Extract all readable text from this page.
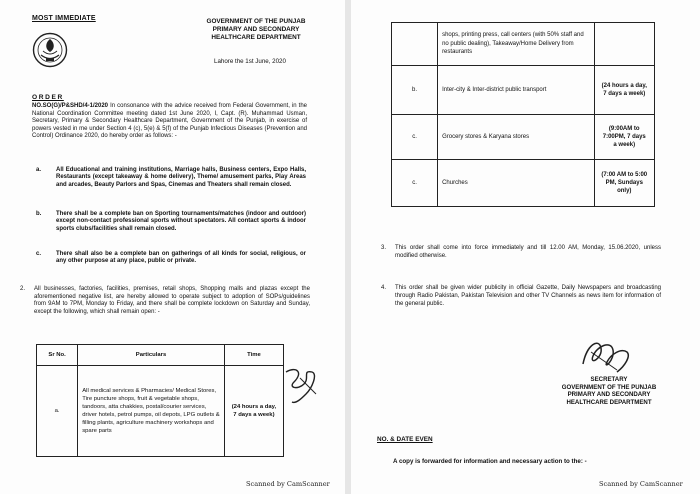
MOST IMMEDIATE	GOVERNMENT OF THE PUNJAB
PRIMARY AND SECONDARY
HEALTHCARE DEPARTMENT
Lahore the 1st June, 2020
ORDER
NO.SO(G)/P&SHD/4-1/2020 In consonance with the advice received from Federal Government, in the National Coordination Committee meeting dated 1st June 2020, I, Capt. (R). Muhammad Usman, Secretary, Primary & Secondary Healthcare Department, Government of the Punjab, in exercise of powers vested in me under Section 4 (c), 5(e) & 5(f) of the Punjab Infectious Diseases (Prevention and Control) Ordinance 2020, do hereby order as follows: -
a. All Educational and training institutions, Marriage halls, Business centers, Expo Halls, Restaurants (except takeaway & home delivery), Theme/ amusement parks, Play Areas and arcades, Beauty Parlors and Spas, Cinemas and Theaters shall remain closed.
b. There shall be a complete ban on Sporting tournaments/matches (indoor and outdoor) except non-contact professional sports without spectators. All contact sports & indoor sports clubs/facilities shall remain closed.
c. There shall also be a complete ban on gatherings of all kinds for social, religious, or any other purpose at any place, public or private.
2. All businesses, factories, facilities, premises, retail shops, Shopping malls and plazas except the aforementioned negative list, are hereby allowed to operate subject to adoption of SOPs/guidelines from 9AM to 7PM, Monday to Friday, and there shall be complete lockdown on Saturday and Sunday, except the following, which shall remain open: -
Sr No.	Particulars	Time
a.	All medical services & Pharmacies/ Medical Stores, Tire puncture shops, fruit & vegetable shops, tandoors, atta chakkies, postal/courier services, driver hotels, petrol pumps, oil depots, LPG outlets & filling plants, agriculture machinery workshops and spare parts	(24 hours a day, 7 days a week)
Scanned by CamScanner
	shops, printing press, call centers (with 50% staff and no public dealing), Takeaway/Home Delivery from restaurants	
b.	Inter-city & Inter-district public transport	(24 hours a day, 7 days a week)
c.	Grocery stores & Karyana stores	(9:00AM to 7:00PM, 7 days a week)
c.	Churches	(7:00 AM to 5:00 PM, Sundays only)
3. This order shall come into force immediately and till 12.00 AM, Monday, 15.06.2020, unless modified otherwise.
4. This order shall be given wider publicity in official Gazette, Daily Newspapers and broadcasting through Radio Pakistan, Pakistan Television and other TV Channels as news item for information of the general public.
SECRETARY
GOVERNMENT OF THE PUNJAB
PRIMARY AND SECONDARY
HEALTHCARE DEPARTMENT
NO. & DATE EVEN
A copy is forwarded for information and necessary action to the: -
Scanned by CamScanner
